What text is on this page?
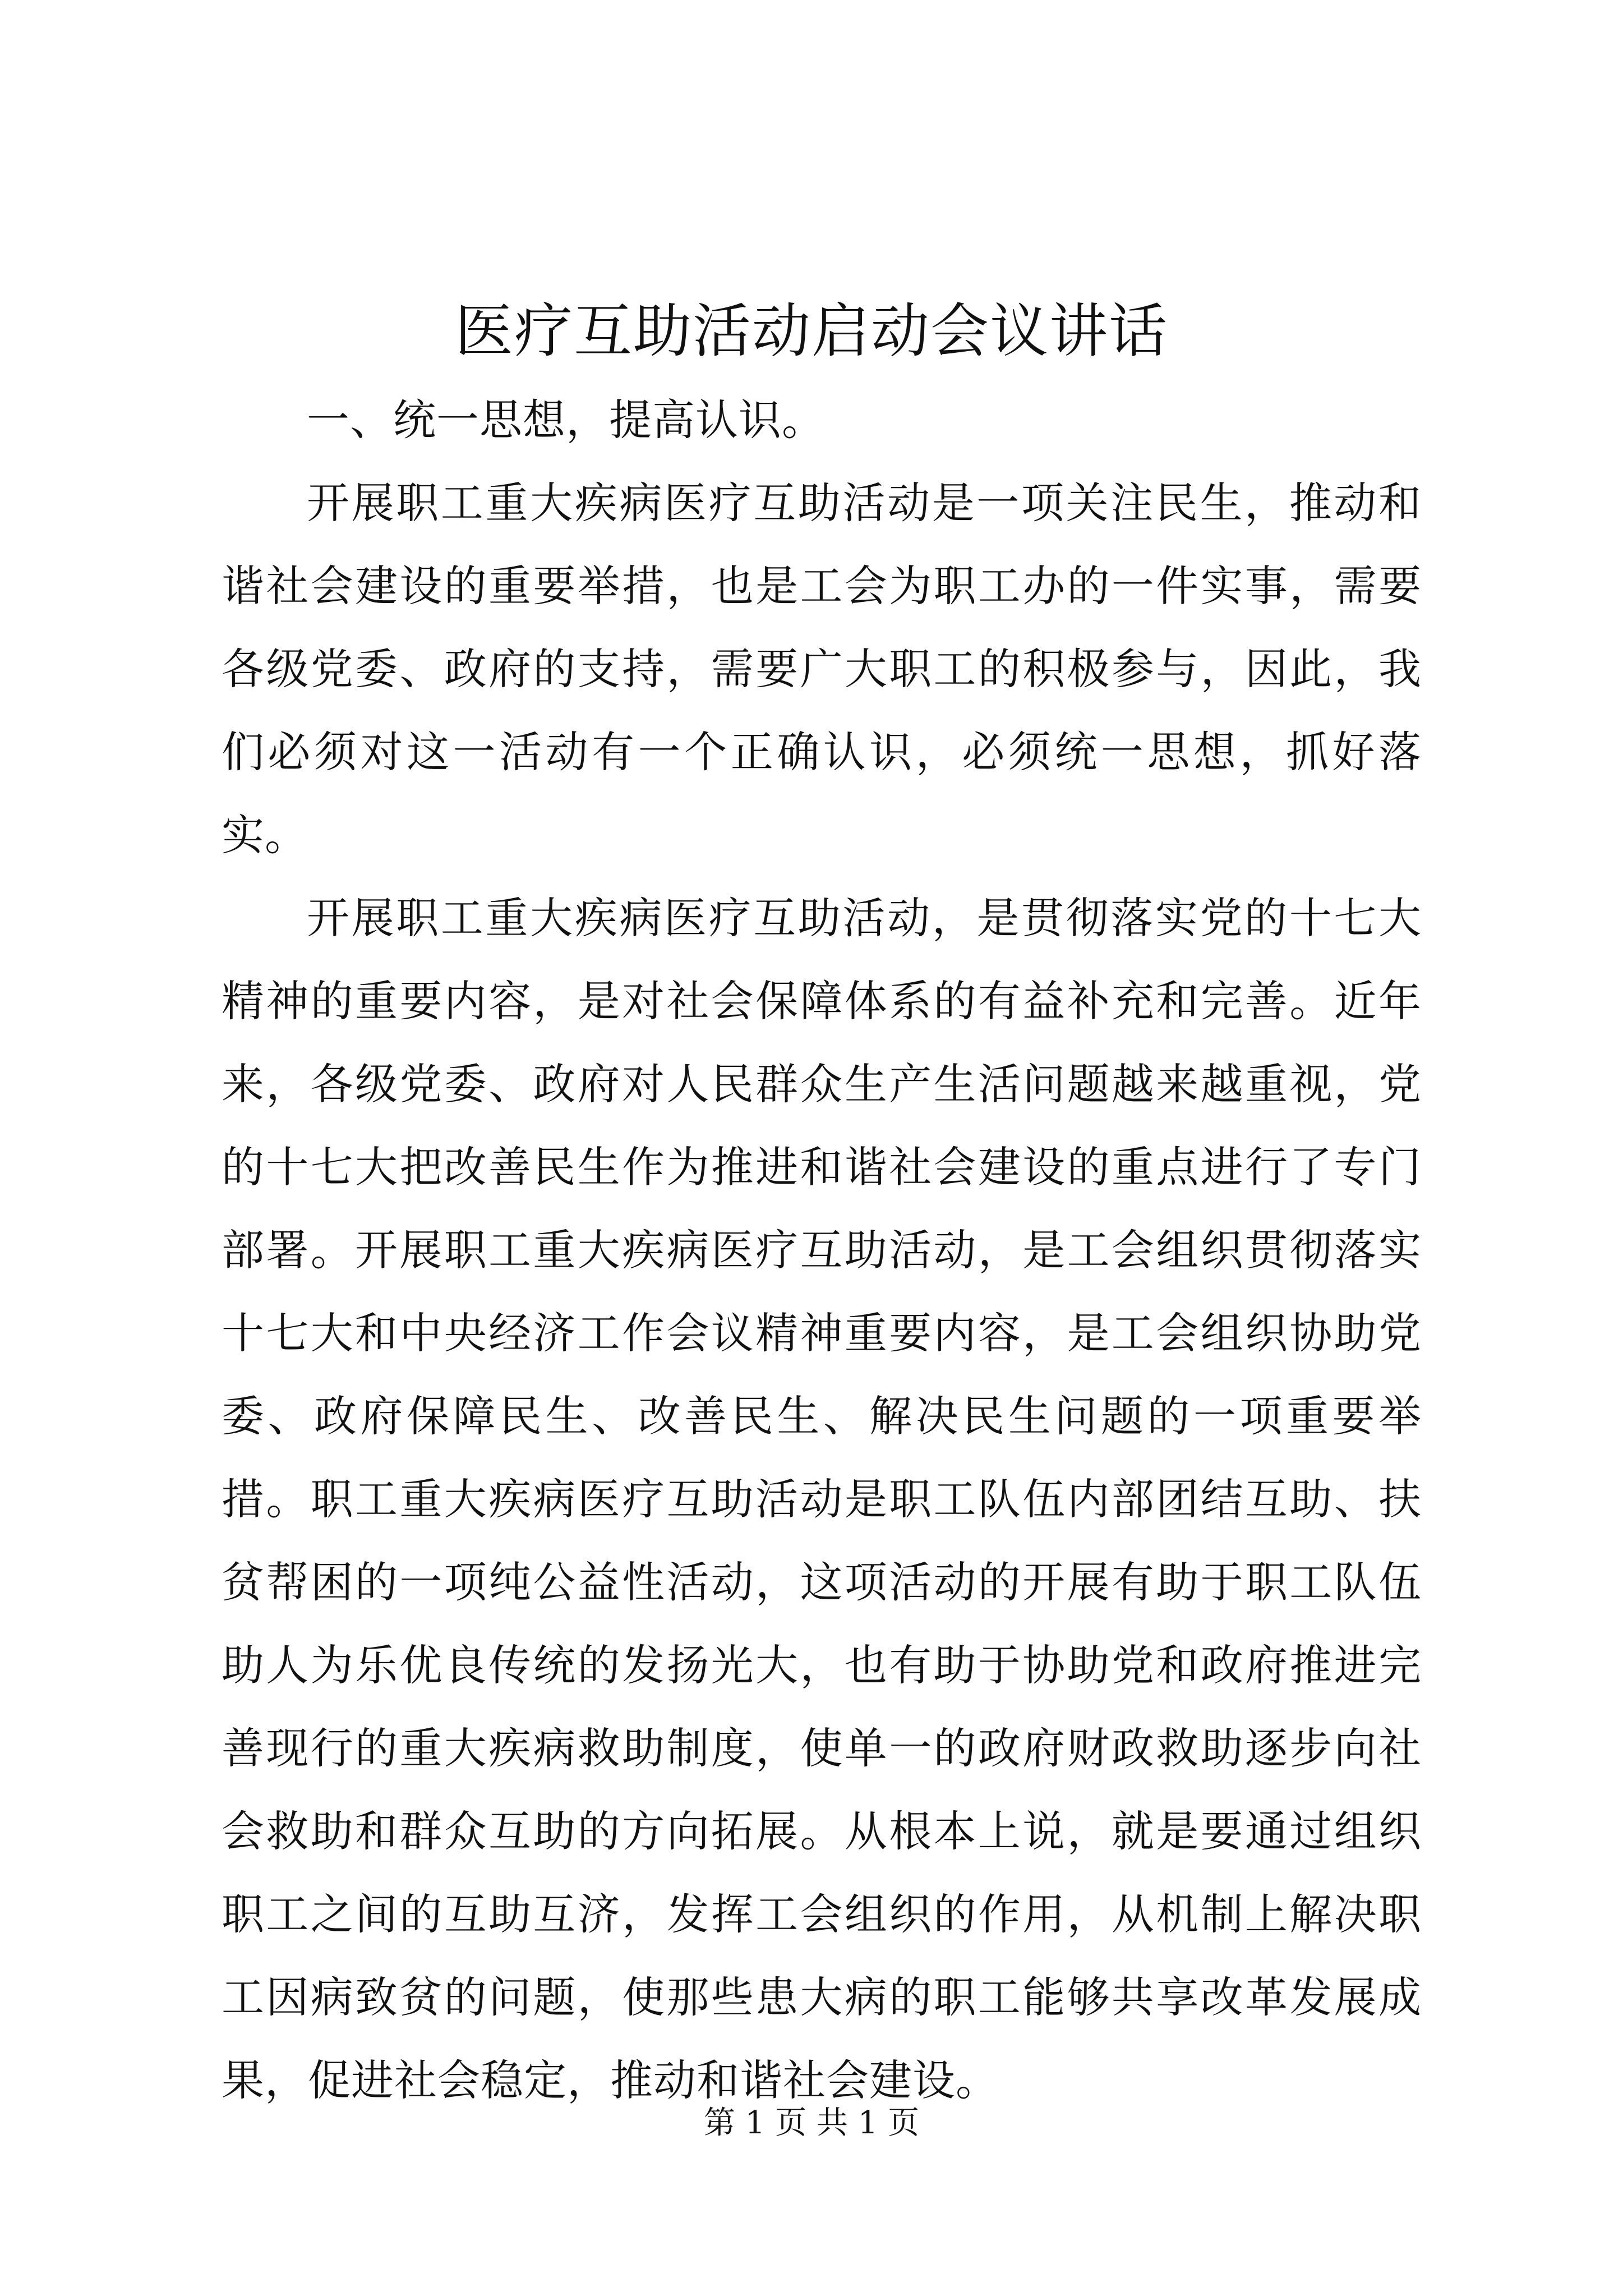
医疗互助活动启动会议讲话

一、统一思想，提高认识。

开展职工重大疾病医疗互助活动是一项关注民生，推动和谐社会建设的重要举措，也是工会为职工办的一件实事，需要各级党委、政府的支持，需要广大职工的积极参与，因此，我们必须对这一活动有一个正确认识，必须统一思想，抓好落实。

开展职工重大疾病医疗互助活动，是贯彻落实党的十七大精神的重要内容，是对社会保障体系的有益补充和完善。近年来，各级党委、政府对人民群众生产生活问题越来越重视，党的十七大把改善民生作为推进和谐社会建设的重点进行了专门部署。开展职工重大疾病医疗互助活动，是工会组织贯彻落实十七大和中央经济工作会议精神重要内容，是工会组织协助党委、政府保障民生、改善民生、解决民生问题的一项重要举措。职工重大疾病医疗互助活动是职工队伍内部团结互助、扶贫帮困的一项纯公益性活动，这项活动的开展有助于职工队伍助人为乐优良传统的发扬光大，也有助于协助党和政府推进完善现行的重大疾病救助制度，使单一的政府财政救助逐步向社会救助和群众互助的方向拓展。从根本上说，就是要通过组织职工之间的互助互济，发挥工会组织的作用，从机制上解决职工因病致贫的问题，使那些患大病的职工能够共享改革发展成果，促进社会稳定，推动和谐社会建设。

第 1 页 共 1 页
